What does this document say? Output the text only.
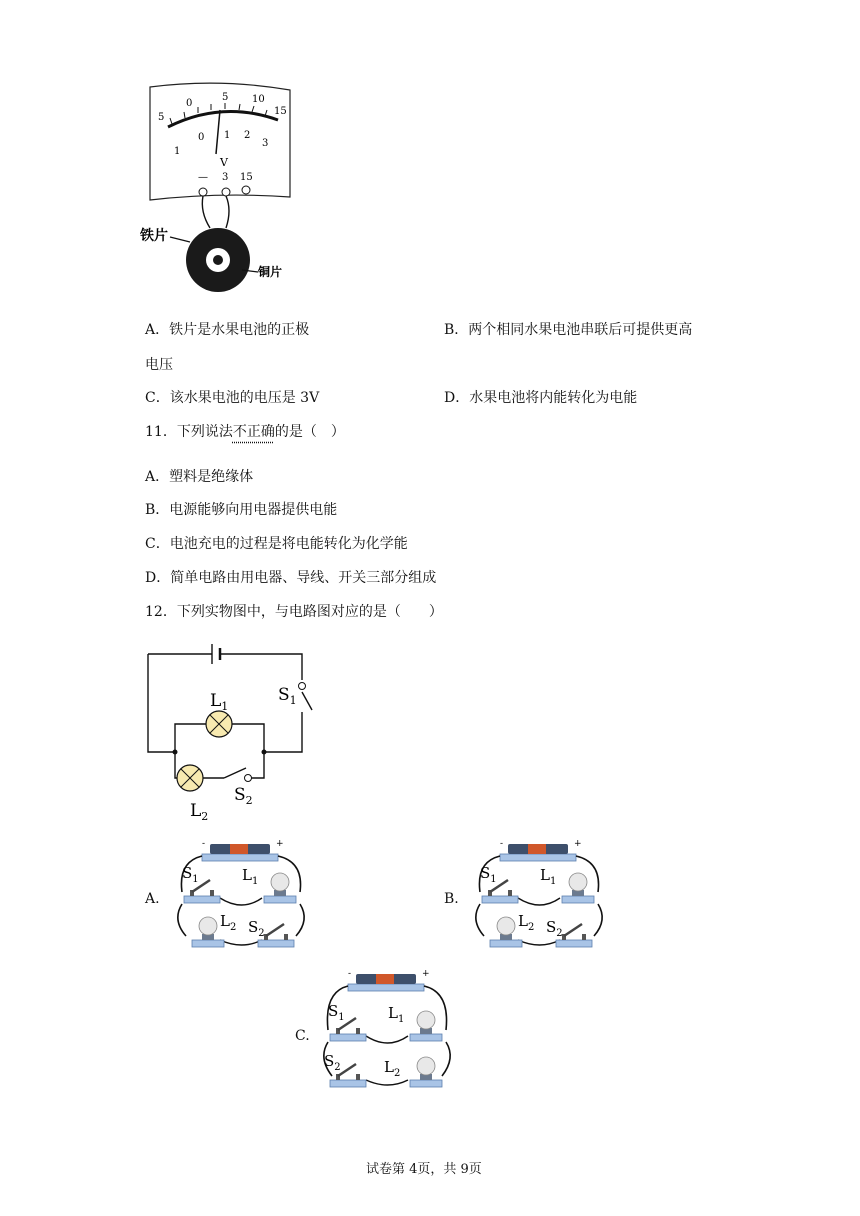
5
0
5 10
15
1
0 1 2
3
V
— 3 15
铁片
铜片
A．铁片是水果电池的正极	B．两个相同水果电池串联后可提供更高
电压
C．该水果电池的电压是 3V	D．水果电池将内能转化为电能
11．下列说法不正确的是（　）
A．塑料是绝缘体
B．电源能够向用电器提供电能
C．电池充电的过程是将电能转化为化学能
D．简单电路由用电器、导线、开关三部分组成
12．下列实物图中，与电路图对应的是（　　）
$L_1$
$S_1$
$L_2$
$S_2$
A.	B.
C.
-	+
$S_1$	$L_1$
$L_2$ $S_2$
-	+
$S_1$	$L_1$
$L_2$ $S_2$
-	+
$S_1$	$L_1$
$S_2$	$L_2$
试卷第 4页，共 9页
